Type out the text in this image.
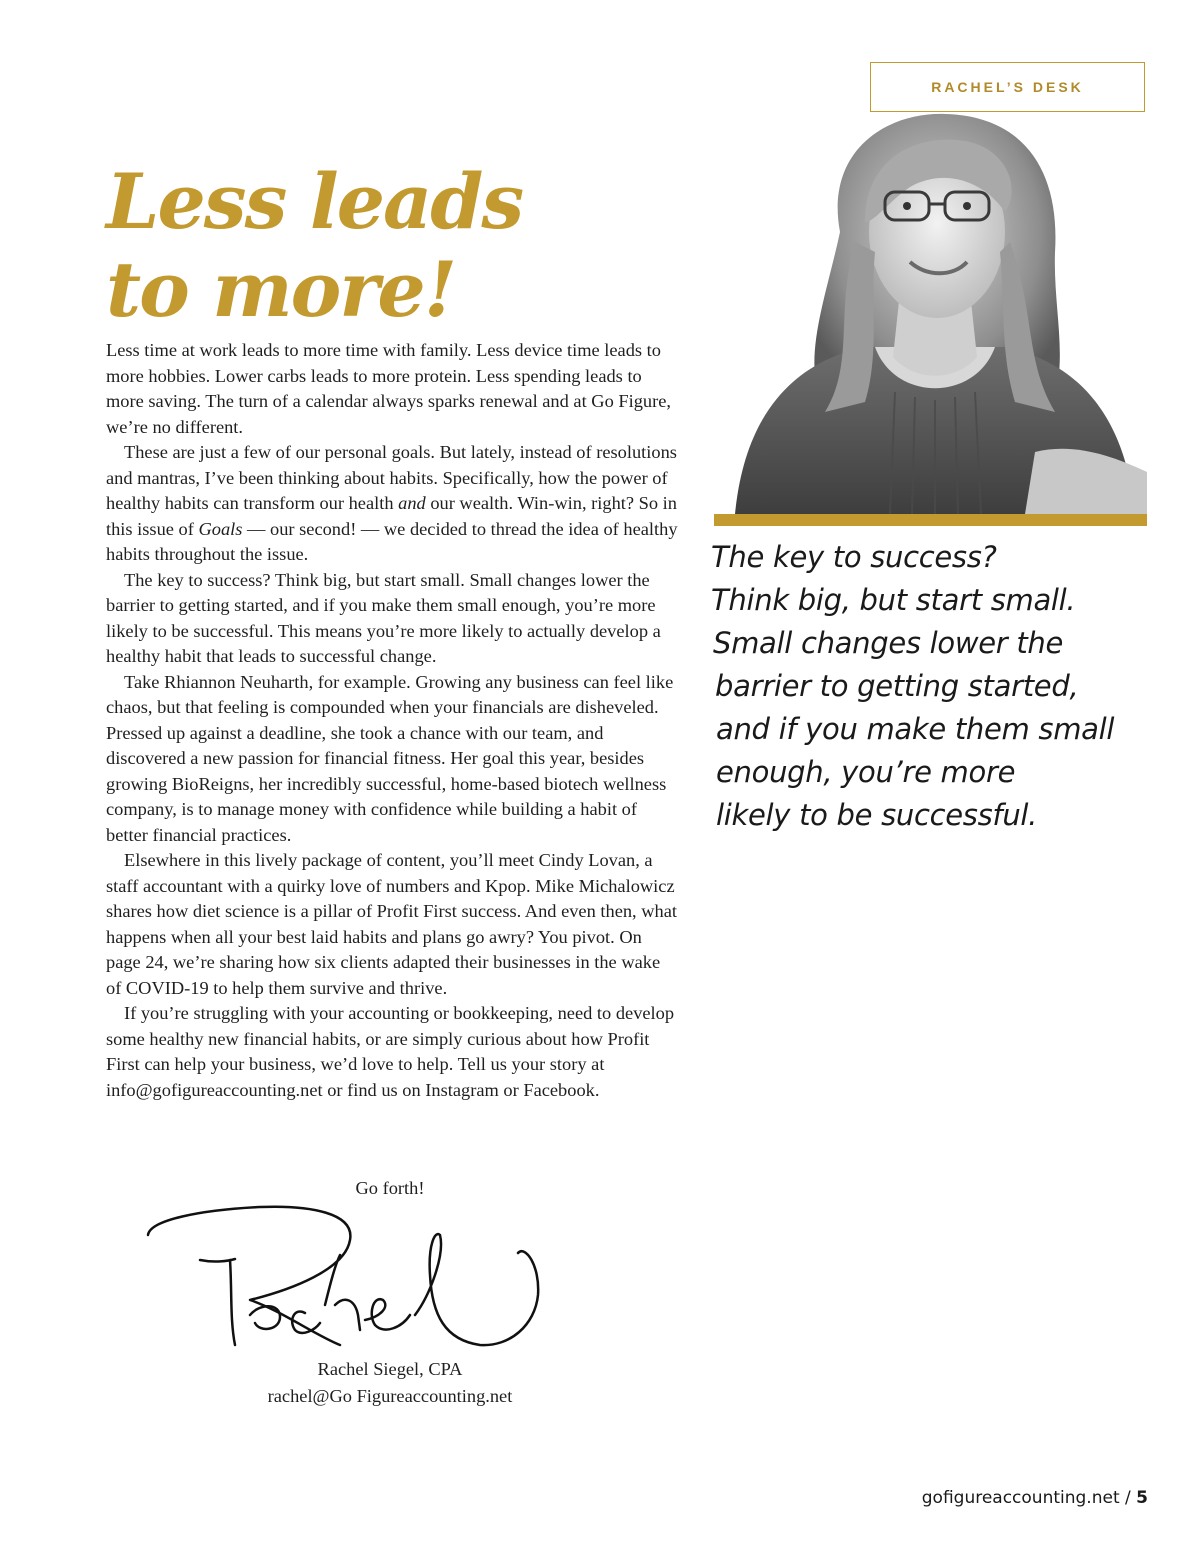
RACHEL’S DESK
Less leads
to more!

Less time at work leads to more time with family. Less device time leads to more hobbies. Lower carbs leads to more protein. Less spending leads to more saving. The turn of a calendar always sparks renewal and at Go Figure, we’re no different.

These are just a few of our personal goals. But lately, instead of resolutions and mantras, I’ve been thinking about habits. Specifically, how the power of healthy habits can transform our health and our wealth. Win-win, right? So in this issue of Goals — our second! — we decided to thread the idea of healthy habits throughout the issue.

The key to success? Think big, but start small. Small changes lower the barrier to getting started, and if you make them small enough, you’re more likely to be successful. This means you’re more likely to actually develop a healthy habit that leads to successful change.

Take Rhiannon Neuharth, for example. Growing any business can feel like chaos, but that feeling is compounded when your financials are disheveled. Pressed up against a deadline, she took a chance with our team, and discovered a new passion for financial fitness. Her goal this year, besides growing BioReigns, her incredibly successful, home-based biotech wellness company, is to manage money with confidence while building a habit of better financial practices.

Elsewhere in this lively package of content, you’ll meet Cindy Lovan, a staff accountant with a quirky love of numbers and Kpop. Mike Michalowicz shares how diet science is a pillar of Profit First success. And even then, what happens when all your best laid habits and plans go awry? You pivot. On page 24, we’re sharing how six clients adapted their businesses in the wake of COVID-19 to help them survive and thrive.

If you’re struggling with your accounting or bookkeeping, need to develop some healthy new financial habits, or are simply curious about how Profit First can help your business, we’d love to help. Tell us your story at info@gofigureaccounting.net or find us on Instagram or Facebook.

The key to success?
Think big, but start small.
Small changes lower the
barrier to getting started,
and if you make them small
enough, you’re more
likely to be successful.
Go forth!
Rachel Siegel, CPA
rachel@Go Figureaccounting.net
gofigureaccounting.net / 5
